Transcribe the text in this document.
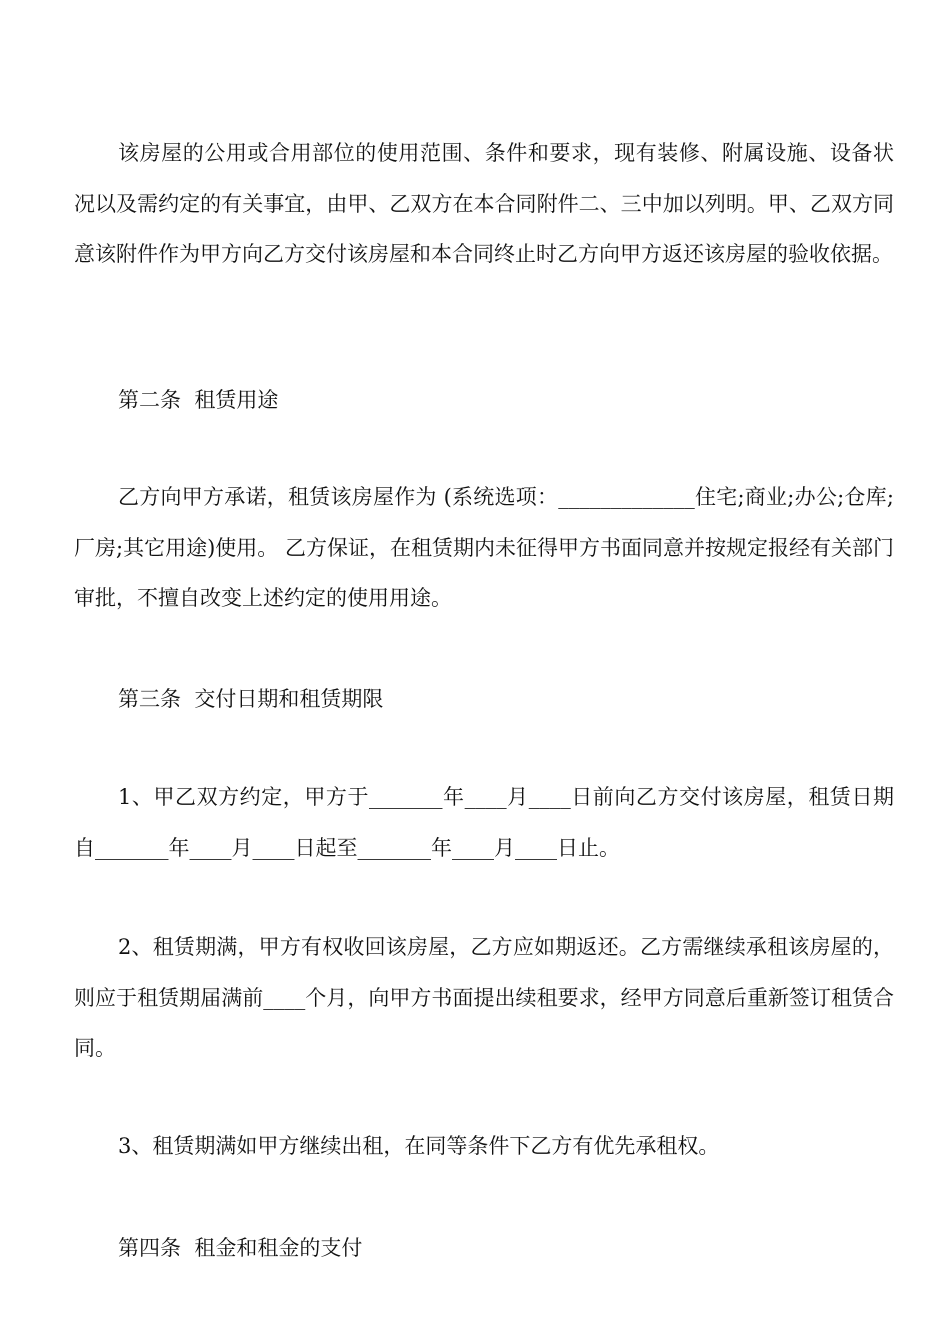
该房屋的公用或合用部位的使用范围、条件和要求，现有装修、附属设施、设备状况以及需约定的有关事宜，由甲、乙双方在本合同附件二、三中加以列明。甲、乙双方同意该附件作为甲方向乙方交付该房屋和本合同终止时乙方向甲方返还该房屋的验收依据。

第二条  租赁用途

乙方向甲方承诺，租赁该房屋作为 (系统选项：_____________住宅;商业;办公;仓库;厂房;其它用途)使用。 乙方保证，在租赁期内未征得甲方书面同意并按规定报经有关部门审批，不擅自改变上述约定的使用用途。

第三条  交付日期和租赁期限

1、甲乙双方约定，甲方于_______年____月____日前向乙方交付该房屋，租赁日期自_______年____月____日起至_______年____月____日止。

2、租赁期满，甲方有权收回该房屋，乙方应如期返还。乙方需继续承租该房屋的，则应于租赁期届满前____个月，向甲方书面提出续租要求，经甲方同意后重新签订租赁合同。

3、租赁期满如甲方继续出租，在同等条件下乙方有优先承租权。

第四条  租金和租金的支付
